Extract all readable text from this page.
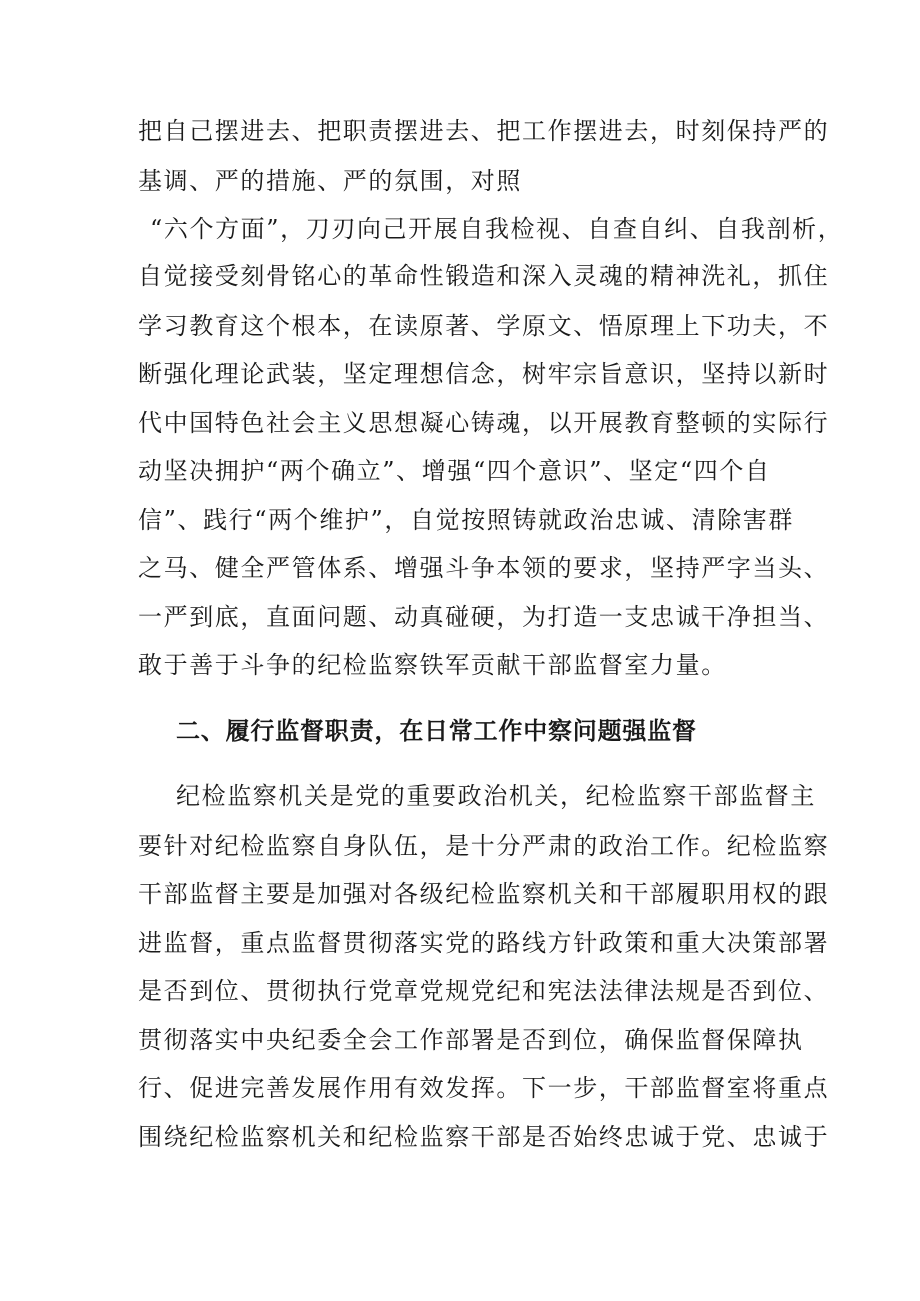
把自己摆进去、把职责摆进去、把工作摆进去，时刻保持严的
基调、严的措施、严的氛围，对照
“六个方面”，刀刃向己开展自我检视、自查自纠、自我剖析，
自觉接受刻骨铭心的革命性锻造和深入灵魂的精神洗礼，抓住
学习教育这个根本，在读原著、学原文、悟原理上下功夫，不
断强化理论武装，坚定理想信念，树牢宗旨意识，坚持以新时
代中国特色社会主义思想凝心铸魂，以开展教育整顿的实际行
动坚决拥护“两个确立”、增强“四个意识”、坚定“四个自
信”、践行“两个维护”，自觉按照铸就政治忠诚、清除害群
之马、健全严管体系、增强斗争本领的要求，坚持严字当头、
一严到底，直面问题、动真碰硬，为打造一支忠诚干净担当、
敢于善于斗争的纪检监察铁军贡献干部监督室力量。
二、履行监督职责，在日常工作中察问题强监督
纪检监察机关是党的重要政治机关，纪检监察干部监督主
要针对纪检监察自身队伍，是十分严肃的政治工作。纪检监察
干部监督主要是加强对各级纪检监察机关和干部履职用权的跟
进监督，重点监督贯彻落实党的路线方针政策和重大决策部署
是否到位、贯彻执行党章党规党纪和宪法法律法规是否到位、
贯彻落实中央纪委全会工作部署是否到位，确保监督保障执
行、促进完善发展作用有效发挥。下一步，干部监督室将重点
围绕纪检监察机关和纪检监察干部是否始终忠诚于党、忠诚于
